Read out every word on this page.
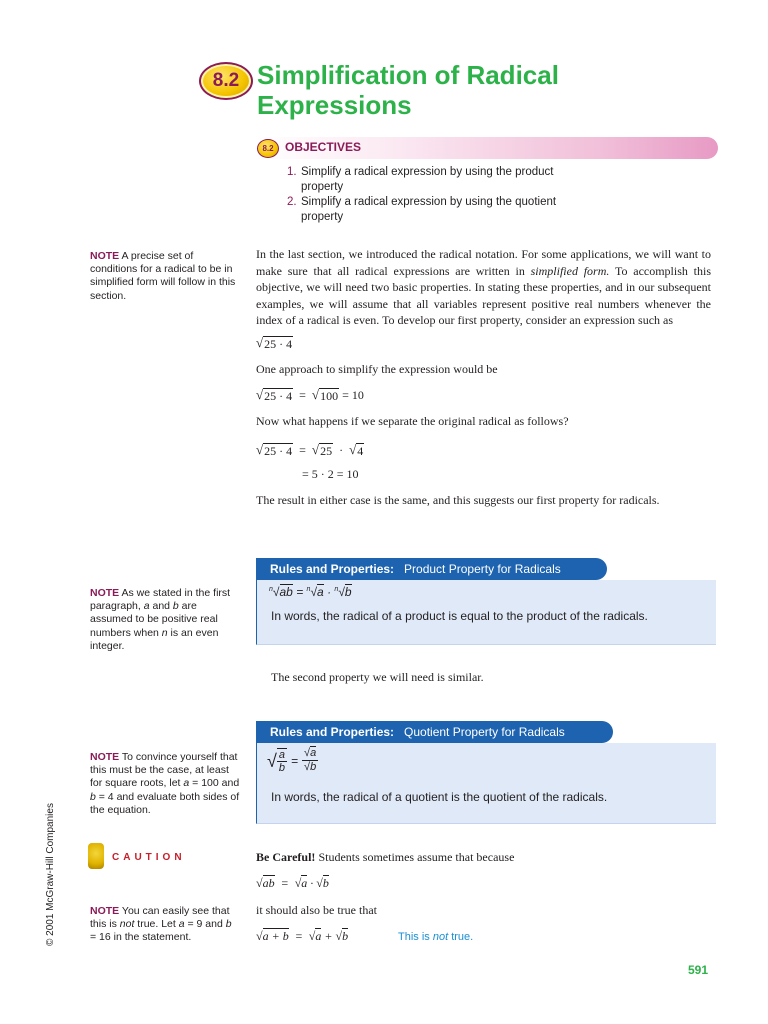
8.2 Simplification of Radical
Expressions
8.2 OBJECTIVES
1. Simplify a radical expression by using the product property
2. Simplify a radical expression by using the quotient property
NOTE A precise set of conditions for a radical to be in simplified form will follow in this section.
NOTE As we stated in the first paragraph, a and b are assumed to be positive real numbers when n is an even integer.
NOTE To convince yourself that this must be the case, at least for square roots, let a = 100 and b = 4 and evaluate both sides of the equation.
NOTE You can easily see that this is not true. Let a = 9 and b = 16 in the statement.
In the last section, we introduced the radical notation. For some applications, we will want to make sure that all radical expressions are written in simplified form. To accomplish this objective, we will need two basic properties. In stating these properties, and in our subsequent examples, we will assume that all variables represent positive real numbers whenever the index of a radical is even. To develop our first property, consider an expression such as
√ 25 · 4
One approach to simplify the expression would be
√ 25 · 4 = √ 100 = 10
Now what happens if we separate the original radical as follows?
√ 25 · 4 = √ 25 · √ 4
= 5 · 2 = 10
The result in either case is the same, and this suggests our first property for radicals.
Rules and Properties: Product Property for Radicals
$^n$√ab = $^n$√a · $^n$√b
In words, the radical of a product is equal to the product of the radicals.
The second property we will need is similar.
Rules and Properties: Quotient Property for Radicals
√ $\frac{a}{b} = \frac{√a}{√b}$
In words, the radical of a quotient is the quotient of the radicals.
CAUTION	Be Careful! Students sometimes assume that because
√ab  =  √a · √b
it should also be true that
√a + b  =  √a + √b	This is not true.
© 2001 McGraw-Hill Companies
591
